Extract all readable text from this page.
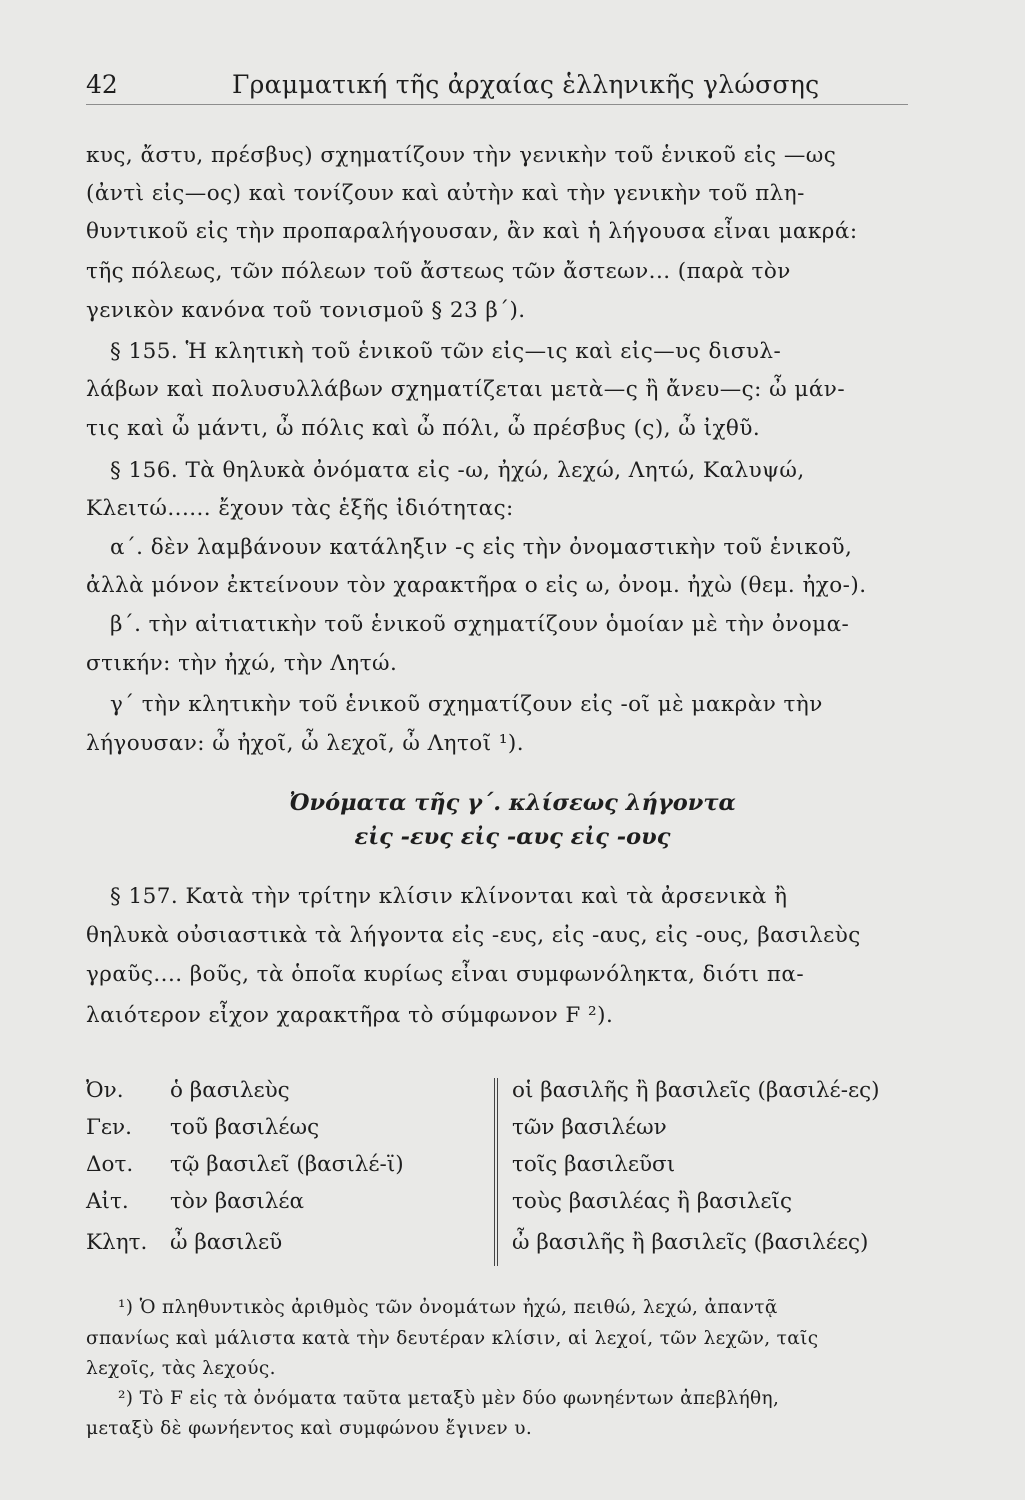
42	Γραμματική τῆς ἀρχαίας ἑλληνικῆς γλώσσης
κυς, ἄστυ, πρέσβυς) σχηματίζουν τὴν γενικὴν τοῦ ἑνικοῦ εἰς —ως
(ἀντὶ εἰς—ος) καὶ τονίζουν καὶ αὐτὴν καὶ τὴν γενικὴν τοῦ πλη-
θυντικοῦ εἰς τὴν προπαραλήγουσαν, ἂν καὶ ἡ λήγουσα εἶναι μακρά:
τῆς πόλεως, τῶν πόλεων τοῦ ἄστεως τῶν ἄστεων... (παρὰ τὸν
γενικὸν κανόνα τοῦ τονισμοῦ § 23 β΄).
§ 155. Ἡ κλητικὴ τοῦ ἑνικοῦ τῶν εἰς—ις καὶ εἰς—υς δισυλ-
λάβων καὶ πολυσυλλάβων σχηματίζεται μετὰ—ς ἢ ἄνευ—ς: ὦ μάν-
τις καὶ ὦ μάντι, ὦ πόλις καὶ ὦ πόλι, ὦ πρέσβυς (ς), ὦ ἰχθῦ.
§ 156. Τὰ θηλυκὰ ὀνόματα εἰς -ω, ἠχώ, λεχώ, Λητώ, Καλυψώ,
Κλειτώ...... ἔχουν τὰς ἑξῆς ἰδιότητας:
α΄. δὲν λαμβάνουν κατάληξιν -ς εἰς τὴν ὀνομαστικὴν τοῦ ἑνικοῦ,
ἀλλὰ μόνον ἐκτείνουν τὸν χαρακτῆρα ο εἰς ω, ὀνομ. ἠχὼ (θεμ. ἠχο-).
β΄. τὴν αἰτιατικὴν τοῦ ἑνικοῦ σχηματίζουν ὁμοίαν μὲ τὴν ὀνομα-
στικήν: τὴν ἠχώ, τὴν Λητώ.
γ΄ τὴν κλητικὴν τοῦ ἑνικοῦ σχηματίζουν εἰς -οῖ μὲ μακρὰν τὴν
λήγουσαν: ὦ ἠχοῖ, ὦ λεχοῖ, ὦ Λητοῖ ¹).
Ὀνόματα τῆς γ΄. κλίσεως λήγοντα
εἰς -ευς εἰς -αυς εἰς -ους
§ 157. Κατὰ τὴν τρίτην κλίσιν κλίνονται καὶ τὰ ἀρσενικὰ ἢ
θηλυκὰ οὐσιαστικὰ τὰ λήγοντα εἰς -ευς, εἰς -αυς, εἰς -ους, βασιλεὺς
γραῦς.... βοῦς, τὰ ὁποῖα κυρίως εἶναι συμφωνόληκτα, διότι πα-
λαιότερον εἶχον χαρακτῆρα τὸ σύμφωνον F ²).
Ὀν. ὁ βασιλεὺς	οἱ βασιλῆς ἢ βασιλεῖς (βασιλέ-ες)
Γεν. τοῦ βασιλέως	τῶν βασιλέων
Δοτ. τῷ βασιλεῖ (βασιλέ-ϊ)	τοῖς βασιλεῦσι
Αἰτ. τὸν βασιλέα	τοὺς βασιλέας ἢ βασιλεῖς
Κλητ. ὦ βασιλεῦ	ὦ βασιλῆς ἢ βασιλεῖς (βασιλέες)
¹) Ὁ πληθυντικὸς ἀριθμὸς τῶν ὀνομάτων ἠχώ, πειθώ, λεχώ, ἀπαντᾷ
σπανίως καὶ μάλιστα κατὰ τὴν δευτέραν κλίσιν, αἱ λεχοί, τῶν λεχῶν, ταῖς
λεχοῖς, τὰς λεχούς.
²) Τὸ F εἰς τὰ ὀνόματα ταῦτα μεταξὺ μὲν δύο φωνηέντων ἀπεβλήθη,
μεταξὺ δὲ φωνήεντος καὶ συμφώνου ἔγινεν υ.
